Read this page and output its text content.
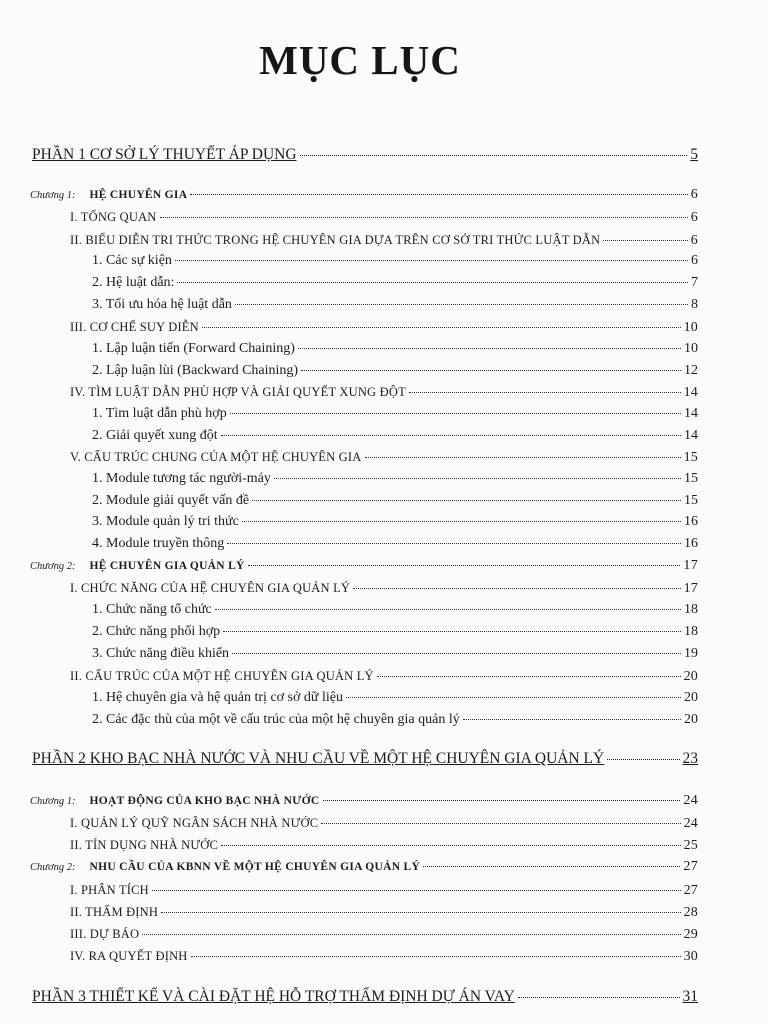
MỤC LỤC
PHẦN 1 CƠ SỞ LÝ THUYẾT ÁP DỤNG	5
Chương 1: HỆ CHUYÊN GIA	6
I. TỔNG QUAN	6
II. BIỂU DIỄN TRI THỨC TRONG HỆ CHUYÊN GIA DỰA TRÊN CƠ SỞ TRI THỨC LUẬT DẪN	6
1. Các sự kiện	6
2. Hệ luật dẫn:	7
3. Tối ưu hóa hệ luật dẫn	8
III. CƠ CHẾ SUY DIỄN	10
1. Lập luận tiến (Forward Chaining)	10
2. Lập luận lùi (Backward Chaining)	12
IV. TÌM LUẬT DẪN PHÙ HỢP VÀ GIẢI QUYẾT XUNG ĐỘT	14
1. Tìm luật dẫn phù hợp	14
2. Giải quyết xung đột	14
V. CẤU TRÚC CHUNG CỦA MỘT HỆ CHUYÊN GIA	15
1. Module tương tác người-máy	15
2. Module giải quyết vấn đề	15
3. Module quản lý tri thức	16
4. Module truyền thông	16
Chương 2: HỆ CHUYÊN GIA QUẢN LÝ	17
I. CHỨC NĂNG CỦA HỆ CHUYÊN GIA QUẢN LÝ	17
1. Chức năng tổ chức	18
2. Chức năng phối hợp	18
3. Chức năng điều khiển	19
II. CẤU TRÚC CỦA MỘT HỆ CHUYÊN GIA QUẢN LÝ	20
1. Hệ chuyên gia và hệ quản trị cơ sở dữ liệu	20
2. Các đặc thù của một về cấu trúc của một hệ chuyên gia quản lý	20
PHẦN 2 KHO BẠC NHÀ NƯỚC VÀ NHU CẦU VỀ MỘT HỆ CHUYÊN GIA QUẢN LÝ	23
Chương 1: HOẠT ĐỘNG CỦA KHO BẠC NHÀ NƯỚC	24
I. QUẢN LÝ QUỸ NGÂN SÁCH NHÀ NƯỚC	24
II. TÍN DỤNG NHÀ NƯỚC	25
Chương 2: NHU CẦU CỦA KBNN VỀ MỘT HỆ CHUYÊN GIA QUẢN LÝ	27
I. PHÂN TÍCH	27
II. THẨM ĐỊNH	28
III. DỰ BÁO	29
IV. RA QUYẾT ĐỊNH	30
PHẦN 3 THIẾT KẾ VÀ CÀI ĐẶT HỆ HỖ TRỢ THẨM ĐỊNH DỰ ÁN VAY	31
